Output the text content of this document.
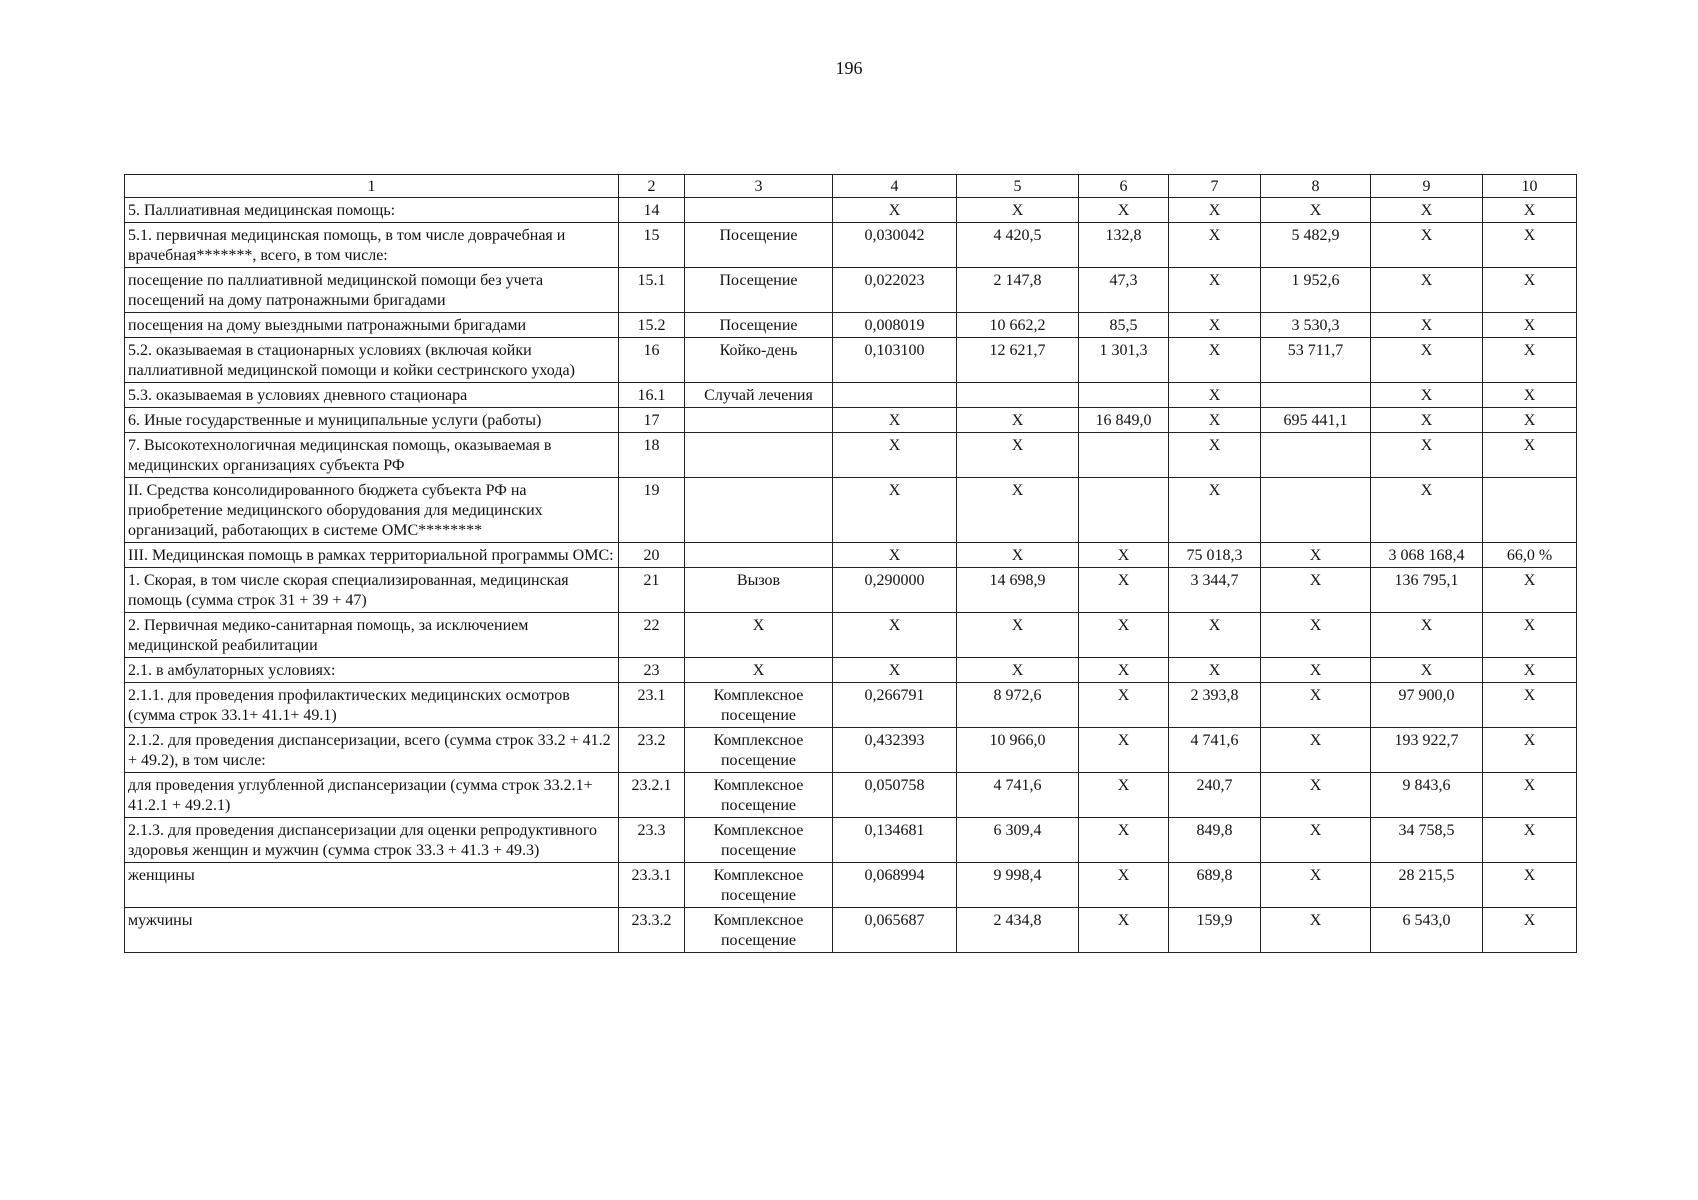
196
1	2	3	4	5	6	7	8	9	10
5. Паллиативная медицинская помощь:	14		X	X	X	X	X	X	X
5.1. первичная медицинская помощь, в том числе доврачебная и врачебная*******, всего, в том числе:	15	Посещение	0,030042	4 420,5	132,8	X	5 482,9	X	X
посещение по паллиативной медицинской помощи без учета посещений на дому патронажными бригадами	15.1	Посещение	0,022023	2 147,8	47,3	X	1 952,6	X	X
посещения на дому выездными патронажными бригадами	15.2	Посещение	0,008019	10 662,2	85,5	X	3 530,3	X	X
5.2. оказываемая в стационарных условиях (включая койки паллиативной медицинской помощи и койки сестринского ухода)	16	Койко-день	0,103100	12 621,7	1 301,3	X	53 711,7	X	X
5.3. оказываемая в условиях дневного стационара	16.1	Случай лечения				X		X	X
6. Иные государственные и муниципальные услуги (работы)	17		X	X	16 849,0	X	695 441,1	X	X
7. Высокотехнологичная медицинская помощь, оказываемая в медицинских организациях субъекта РФ	18		X	X		X		X	X
II. Средства консолидированного бюджета субъекта РФ на приобретение медицинского оборудования для медицинских организаций, работающих в системе ОМС********	19		X	X		X		X	
III. Медицинская помощь в рамках территориальной программы ОМС:	20		X	X	X	75 018,3	X	3 068 168,4	66,0 %
1. Скорая, в том числе скорая специализированная, медицинская помощь (сумма строк 31 + 39 + 47)	21	Вызов	0,290000	14 698,9	X	3 344,7	X	136 795,1	X
2. Первичная медико-санитарная помощь, за исключением медицинской реабилитации	22	X	X	X	X	X	X	X	X
2.1. в амбулаторных условиях:	23	X	X	X	X	X	X	X	X
2.1.1. для проведения профилактических медицинских осмотров (сумма строк 33.1+ 41.1+ 49.1)	23.1	Комплексное посещение	0,266791	8 972,6	X	2 393,8	X	97 900,0	X
2.1.2. для проведения диспансеризации, всего (сумма строк 33.2 + 41.2 + 49.2), в том числе:	23.2	Комплексное посещение	0,432393	10 966,0	X	4 741,6	X	193 922,7	X
для проведения углубленной диспансеризации (сумма строк 33.2.1+ 41.2.1 + 49.2.1)	23.2.1	Комплексное посещение	0,050758	4 741,6	X	240,7	X	9 843,6	X
2.1.3. для проведения диспансеризации для оценки репродуктивного здоровья женщин и мужчин (сумма строк 33.3 + 41.3 + 49.3)	23.3	Комплексное посещение	0,134681	6 309,4	X	849,8	X	34 758,5	X
женщины	23.3.1	Комплексное посещение	0,068994	9 998,4	X	689,8	X	28 215,5	X
мужчины	23.3.2	Комплексное посещение	0,065687	2 434,8	X	159,9	X	6 543,0	X
